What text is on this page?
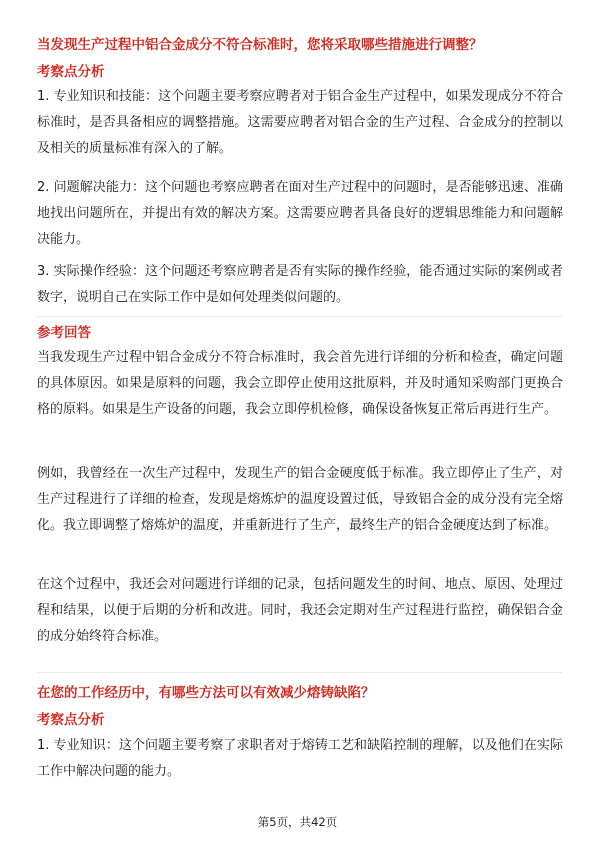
当发现生产过程中铝合金成分不符合标准时，您将采取哪些措施进行调整？
考察点分析
1. 专业知识和技能：这个问题主要考察应聘者对于铝合金生产过程中，如果发现成分不符合标准时，是否具备相应的调整措施。这需要应聘者对铝合金的生产过程、合金成分的控制以及相关的质量标准有深入的了解。
2. 问题解决能力：这个问题也考察应聘者在面对生产过程中的问题时，是否能够迅速、准确地找出问题所在，并提出有效的解决方案。这需要应聘者具备良好的逻辑思维能力和问题解决能力。
3. 实际操作经验：这个问题还考察应聘者是否有实际的操作经验，能否通过实际的案例或者数字，说明自己在实际工作中是如何处理类似问题的。
参考回答
当我发现生产过程中铝合金成分不符合标准时，我会首先进行详细的分析和检查，确定问题的具体原因。如果是原料的问题，我会立即停止使用这批原料，并及时通知采购部门更换合格的原料。如果是生产设备的问题，我会立即停机检修，确保设备恢复正常后再进行生产。
例如，我曾经在一次生产过程中，发现生产的铝合金硬度低于标准。我立即停止了生产，对生产过程进行了详细的检查，发现是熔炼炉的温度设置过低，导致铝合金的成分没有完全熔化。我立即调整了熔炼炉的温度，并重新进行了生产，最终生产的铝合金硬度达到了标准。
在这个过程中，我还会对问题进行详细的记录，包括问题发生的时间、地点、原因、处理过程和结果，以便于后期的分析和改进。同时，我还会定期对生产过程进行监控，确保铝合金的成分始终符合标准。
在您的工作经历中，有哪些方法可以有效减少熔铸缺陷？
考察点分析
1. 专业知识：这个问题主要考察了求职者对于熔铸工艺和缺陷控制的理解，以及他们在实际工作中解决问题的能力。
第5页，共42页
